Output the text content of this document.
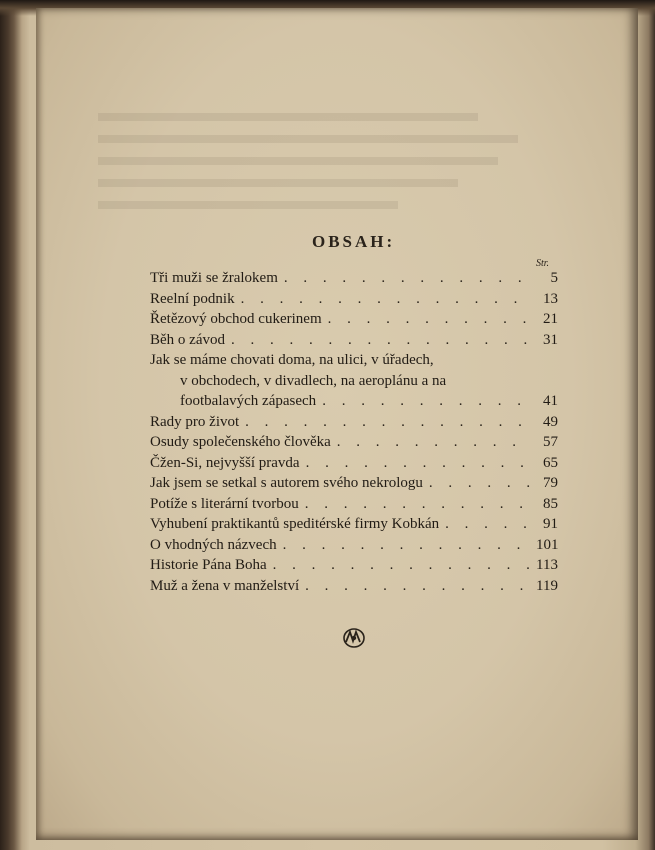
OBSAH:
Str.
Tři muži se žralokem . . .	5
Reelní podnik . . .	13
Řetězový obchod cukerinem . . .	21
Běh o závod . . .	31
Jak se máme chovati doma, na ulici, v úřadech,
v obchodech, v divadlech, na aeroplánu a na
footbalavých zápasech . . .	41
Rady pro život . . .	49
Osudy společenského člověka . . .	57
Čžen-Si, nejvyšší pravda . . .	65
Jak jsem se setkal s autorem svého nekrologu . . .	79
Potíže s literární tvorbou . . .	85
Vyhubení praktikantů speditérské firmy Kobkán . . .	91
O vhodných názvech . . .	101
Historie Pána Boha . . .	113
Muž a žena v manželství . . .	119
